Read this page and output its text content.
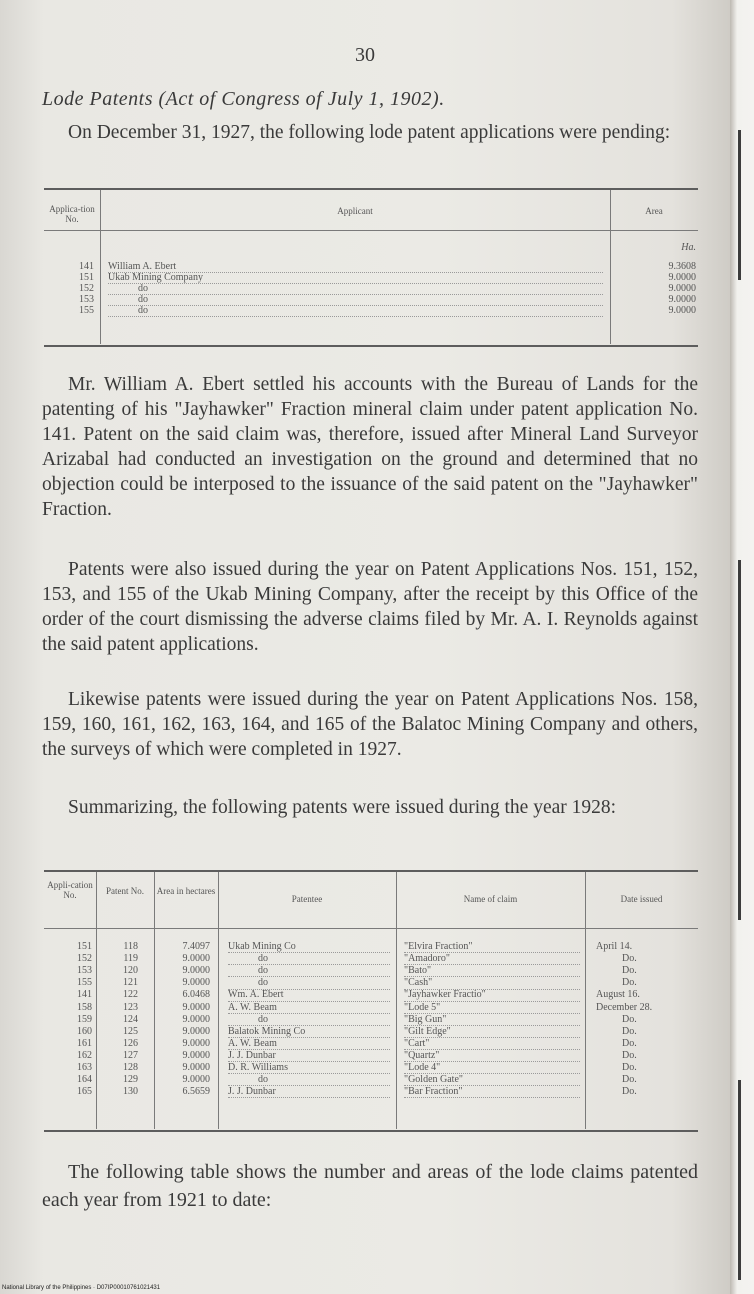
30
Lode Patents (Act of Congress of July 1, 1902).

On December 31, 1927, the following lode patent applications were pending:

Applica-tion No.
Applicant	Area
Ha.
141 William A. Ebert	9.3608
151 Ukab Mining Company	9.0000
152	do	9.0000
153	do	9.0000
155	do	9.0000

Mr. William A. Ebert settled his accounts with the Bureau of Lands for the patenting of his "Jayhawker" Fraction mineral claim under patent application No. 141. Patent on the said claim was, therefore, issued after Mineral Land Surveyor Arizabal had conducted an investigation on the ground and determined that no objection could be interposed to the issuance of the said patent on the "Jayhawker" Fraction.

Patents were also issued during the year on Patent Applications Nos. 151, 152, 153, and 155 of the Ukab Mining Company, after the receipt by this Office of the order of the court dismissing the adverse claims filed by Mr. A. I. Reynolds against the said patent applications.

Likewise patents were issued during the year on Patent Applications Nos. 158, 159, 160, 161, 162, 163, 164, and 165 of the Balatoc Mining Company and others, the surveys of which were completed in 1927.

Summarizing, the following patents were issued during the year 1928:

Appli-cation No.	Patent No.	Area in hectares
Patentee	Name of claim	Date issued
151	118	7.4097 Ukab Mining Co	"Elvira Fraction"	April 14.
152	119	9.0000	do	"Amadoro"	Do.
153	120	9.0000	do	"Bato"	Do.
155	121	9.0000	do	"Cash"	Do.
141	122	6.0468 Wm. A. Ebert	"Jayhawker Fractio"	August 16.
158	123	9.0000 A. W. Beam	"Lode 5"	December 28.
159	124	9.0000	do	"Big Gun"	Do.
160	125	9.0000 Balatok Mining Co	"Gilt Edge"	Do.
161	126	9.0000 A. W. Beam	"Cart"	Do.
162	127	9.0000 J. J. Dunbar	"Quartz"	Do.
163	128	9.0000 D. R. Williams	"Lode 4"	Do.
164	129	9.0000	do	"Golden Gate"	Do.
165	130	6.5659 J. J. Dunbar	"Bar Fraction"	Do.

The following table shows the number and areas of the lode claims patented each year from 1921 to date:

National Library of the Philippines · D07IP00010761021431
